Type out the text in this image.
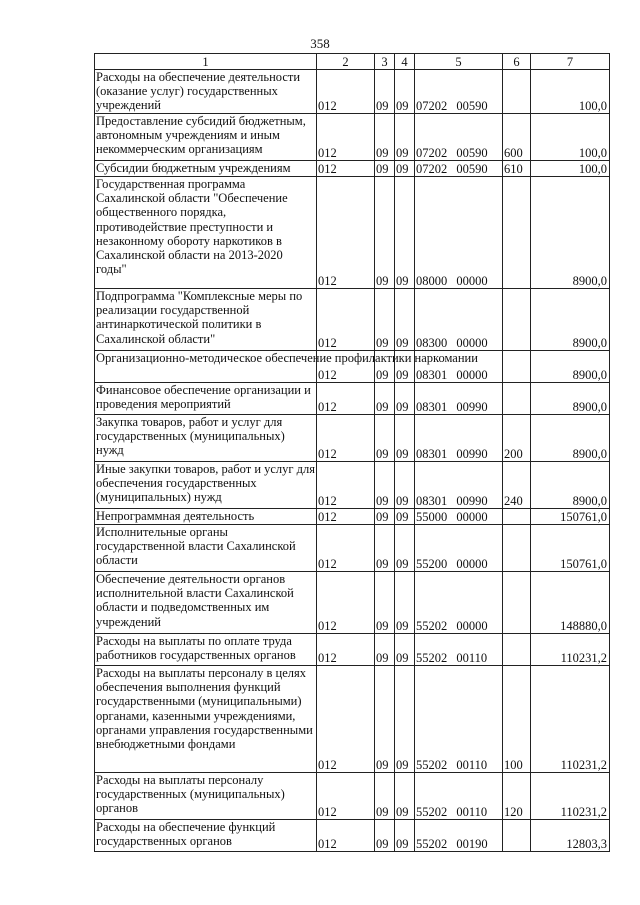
358
1	2	3	4	5	6	7
Расходы на обеспечение деятельности (оказание услуг) государственных учреждений	012	09	09	07202 00590		100,0
Предоставление субсидий бюджетным, автономным учреждениям и иным некоммерческим организациям	012	09	09	07202 00590	600	100,0
Субсидии бюджетным учреждениям	012	09	09	07202 00590	610	100,0
Государственная программа Сахалинской области "Обеспечение общественного порядка, противодействие преступности и незаконному обороту наркотиков в Сахалинской области на 2013-2020 годы"	012	09	09	08000 00000		8900,0
Подпрограмма "Комплексные меры по реализации государственной антинаркотической политики в Сахалинской области"	012	09	09	08300 00000		8900,0
Организационно-методическое обеспечение профилактики наркомании	012	09	09	08301 00000		8900,0
Финансовое обеспечение организации и проведения мероприятий	012	09	09	08301 00990		8900,0
Закупка товаров, работ и услуг для государственных (муниципальных) нужд	012	09	09	08301 00990	200	8900,0
Иные закупки товаров, работ и услуг для обеспечения государственных (муниципальных) нужд	012	09	09	08301 00990	240	8900,0
Непрограммная деятельность	012	09	09	55000 00000		150761,0
Исполнительные органы государственной власти Сахалинской области	012	09	09	55200 00000		150761,0
Обеспечение деятельности органов исполнительной власти Сахалинской области и подведомственных им учреждений	012	09	09	55202 00000		148880,0
Расходы на выплаты по оплате труда работников государственных органов	012	09	09	55202 00110		110231,2
Расходы на выплаты персоналу в целях обеспечения выполнения функций государственными (муниципальными) органами, казенными учреждениями, органами управления государственными внебюджетными фондами	012	09	09	55202 00110	100	110231,2
Расходы на выплаты персоналу государственных (муниципальных) органов	012	09	09	55202 00110	120	110231,2
Расходы на обеспечение функций государственных органов	012	09	09	55202 00190		12803,3
